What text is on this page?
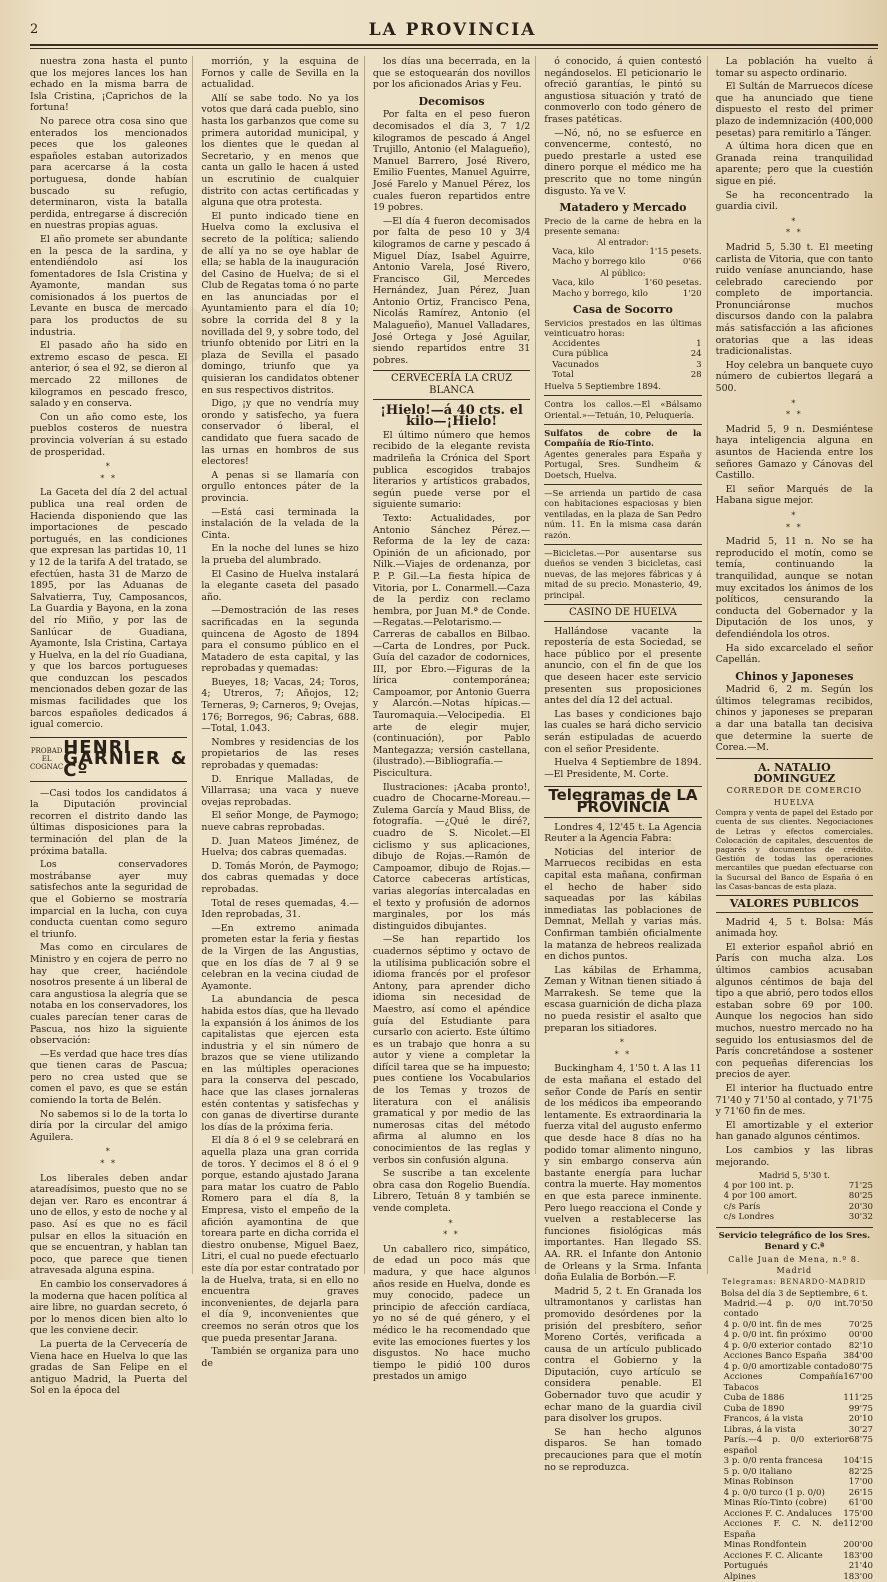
2	LA PROVINCIA

nuestra zona hasta el punto que los mejores lances los han echado en la misma barra de Isla Cristina, ¡Caprichos de la fortuna!

No parece otra cosa sino que enterados los mencionados peces que los galeones españoles estaban autorizados para acercarse á la costa portuguesa, donde habían buscado su refugio, determinaron, vista la batalla perdida, entregarse á discreción en nuestras propias aguas.

El año promete ser abundante en la pesca de la sardina, y entendiéndolo así los fomentadores de Isla Cristina y Ayamonte, mandan sus comisionados á los puertos de Levante en busca de mercado para los productos de su industria.

El pasado año ha sido en extremo escaso de pesca. El anterior, ó sea el 92, se dieron al mercado 22 millones de kilogramos en pescado fresco, salado y en conserva.

Con un año como este, los pueblos costeros de nuestra provincia volverían á su estado de prosperidad.

*
* *

La Gaceta del día 2 del actual publica una real orden de Hacienda disponiendo que las importaciones de pescado portugués, en las condiciones que expresan las partidas 10, 11 y 12 de la tarifa A del tratado, se efectúen, hasta 31 de Marzo de 1895, por las Aduanas de Salvatierra, Tuy, Camposancos, La Guardia y Bayona, en la zona del río Miño, y por las de Sanlúcar de Guadiana, Ayamonte, Isla Cristina, Cartaya y Huelva, en la del río Guadiana, y que los barcos portugueses que conduzcan los pescados mencionados deben gozar de las mismas facilidades que los barcos españoles dedicados á igual comercio.

PROBAD EL COGNAC
HENRI GARNIER & Cº

—Casi todos los candidatos á la Diputación provincial recorren el distrito dando las últimas disposiciones para la terminación del plan de la próxima batalla.

Los conservadores mostrábanse ayer muy satisfechos ante la seguridad de que el Gobierno se mostraría imparcial en la lucha, con cuya conducta cuentan como seguro el triunfo.

Mas como en circulares de Ministro y en cojera de perro no hay que creer, haciéndole nosotros presente á un liberal de cara angustiosa la alegría que se notaba en los conservadores, los cuales parecían tener caras de Pascua, nos hizo la siguiente observación:

—Es verdad que hace tres días que tienen caras de Pascua; pero no crea usted que se comen el pavo, es que se están comiendo la torta de Belén.

No sabemos si lo de la torta lo diría por la circular del amigo Aguilera.

*
* *

Los liberales deben andar atareadísimos, puesto que no se dejan ver. Raro es encontrar á uno de ellos, y esto de noche y al paso. Así es que no es fácil pulsar en ellos la situación en que se encuentran, y hablan tan poco, que parece que tienen atravesada alguna espina.

En cambio los conservadores á la moderna que hacen política al aire libre, no guardan secreto, ó por lo menos dicen bien alto lo que les conviene decir.

La puerta de la Cervecería de Viena hace en Huelva lo que las gradas de San Felipe en el antiguo Madrid, la Puerta del Sol en la época del

morrión, y la esquina de Fornos y calle de Sevilla en la actualidad.

Allí se sabe todo. No ya los votos que dará cada pueblo, sino hasta los garbanzos que come su primera autoridad municipal, y los dientes que le quedan al Secretario, y en menos que canta un gallo le hacen á usted un escrutinio de cualquier distrito con actas certificadas y alguna que otra protesta.

El punto indicado tiene en Huelva como la exclusiva el secreto de la política; saliendo de allí ya no se oye hablar de ella; se habla de la inauguración del Casino de Huelva; de si el Club de Regatas toma ó no parte en las anunciadas por el Ayuntamiento para el día 10; sobre la corrida del 8 y la novillada del 9, y sobre todo, del triunfo obtenido por Litri en la plaza de Sevilla el pasado domingo, triunfo que ya quisieran los candidatos obtener en sus respectivos distritos.

Digo, ¡y que no vendría muy orondo y satisfecho, ya fuera conservador ó liberal, el candidato que fuera sacado de las urnas en hombros de sus electores!

A penas si se llamaría con orgullo entonces páter de la provincia.

—Está casi terminada la instalación de la velada de la Cinta.

En la noche del lunes se hizo la prueba del alumbrado.

El Casino de Huelva instalará la elegante caseta del pasado año.

—Demostración de las reses sacrificadas en la segunda quincena de Agosto de 1894 para el consumo público en el Matadero de esta capital, y las reprobadas y quemadas:

Bueyes, 18; Vacas, 24; Toros, 4; Utreros, 7; Añojos, 12; Terneras, 9; Carneros, 9; Ovejas, 176; Borregos, 96; Cabras, 688.—Total, 1.043.

Nombres y residencias de los propietarios de las reses reprobadas y quemadas:

D. Enrique Malladas, de Villarrasa; una vaca y nueve ovejas reprobadas.

El señor Monge, de Paymogo; nueve cabras reprobadas.

D. Juan Mateos Jiménez, de Huelva; dos cabras quemadas.

D. Tomás Morón, de Paymogo; dos cabras quemadas y doce reprobadas.

Total de reses quemadas, 4.—Iden reprobadas, 31.

—En extremo animada prometen estar la feria y fiestas de la Virgen de las Angustias, que en los días de 7 al 9 se celebran en la vecina ciudad de Ayamonte.

La abundancia de pesca habida estos días, que ha llevado la expansión á los ánimos de los capitalistas que ejercen esta industria y el sin número de brazos que se viene utilizando en las múltiples operaciones para la conserva del pescado, hace que las clases jornaleras estén contentas y satisfechas y con ganas de divertirse durante los días de la próxima feria.

El día 8 ó el 9 se celebrará en aquella plaza una gran corrida de toros. Y decimos el 8 ó el 9 porque, estando ajustado Jarana para matar los cuatro de Pablo Romero para el día 8, la Empresa, visto el empeño de la afición ayamontina de que toreara parte en dicha corrida el diestro onubense, Miguel Baez, Litri, el cual no puede efectuarlo este día por estar contratado por la de Huelva, trata, si en ello no encuentra graves inconvenientes, de dejarla para el día 9, inconvenientes que creemos no serán otros que los que pueda presentar Jarana.

También se organiza para uno de

los días una becerrada, en la que se estoquearán dos novillos por los aficionados Arias y Feu.

Decomisos

Por falta en el peso fueron decomisados el día 3, 7 1/2 kilogramos de pescado á Angel Trujillo, Antonio (el Malagueño), Manuel Barrero, José Rivero, Emilio Fuentes, Manuel Aguirre, José Farelo y Manuel Pérez, los cuales fueron repartidos entre 19 pobres.

—El día 4 fueron decomisados por falta de peso 10 y 3/4 kilogramos de carne y pescado á Miguel Díaz, Isabel Aguirre, Antonio Varela, José Rivero, Francisco Gil, Mercedes Hernández, Juan Pérez, Juan Antonio Ortiz, Francisco Pena, Nicolás Ramírez, Antonio (el Malagueño), Manuel Valladares, José Ortega y José Aguilar, siendo repartidos entre 31 pobres.

CERVECERÍA LA CRUZ BLANCA
¡Hielo!—á 40 cts. el kilo—¡Hielo!

El último número que hemos recibido de la elegante revista madrileña la Crónica del Sport publica escogidos trabajos literarios y artísticos grabados, según puede verse por el siguiente sumario:

Texto: Actualidades, por Antonio Sánchez Pérez.—Reforma de la ley de caza: Opinión de un aficionado, por Nilk.—Viajes de ordenanza, por P. P. Gil.—La fiesta hípica de Vitoria, por L. Conarmell.—Caza de la perdiz con reclamo hembra, por Juan M.ª de Conde.—Regatas.—Pelotarismo.—Carreras de caballos en Bilbao.—Carta de Londres, por Puck. Guía del cazador de codornices, III, por Ebro.—Figuras de la lírica contemporánea; Campoamor, por Antonio Guerra y Alarcón.—Notas hípicas.—Tauromaquia.—Velocipedia. El arte de elegir mujer, (continuación), por Pablo Mantegazza; versión castellana, (ilustrado).—Bibliografía.—Piscicultura.

Ilustraciones: ¡Acaba pronto!, cuadro de Chocarne-Moreau.—Zulema García y Maud Bliss, de fotografía. —¿Qué le diré?, cuadro de S. Nicolet.—El ciclismo y sus aplicaciones, dibujo de Rojas.—Ramón de Campoamor, dibujo de Rojas.—Catorce cabeceras artísticas, varias alegorías intercaladas en el texto y profusión de adornos marginales, por los más distinguidos dibujantes.

—Se han repartido los cuadernos séptimo y octavo de la utilísima publicación sobre el idioma francés por el profesor Antony, para aprender dicho idioma sin necesidad de Maestro, así como el apéndice guía del Estudiante para cursarlo con acierto. Este último es un trabajo que honra a su autor y viene a completar la difícil tarea que se ha impuesto; pues contiene los Vocabularios de los Temas y trozos de literatura con el análisis gramatical y por medio de las numerosas citas del método afirma al alumno en los conocimientos de las reglas y verbos sin confusión alguna.

Se suscribe a tan excelente obra casa don Rogelio Buendía. Librero, Tetuán 8 y también se vende completa.

*
* *

Un caballero rico, simpático, de edad un poco más que madura, y que hace algunos años reside en Huelva, donde es muy conocido, padece un principio de afección cardíaca, yo no sé de qué género, y el médico le ha recomendado que evite las emociones fuertes y los disgustos. No hace mucho tiempo le pidió 100 duros prestados un amigo

ó conocido, á quien contestó negándoselos. El peticionario le ofreció garantías, le pintó su angustiosa situación y trató de conmoverlo con todo género de frases patéticas.

—Nó, nó, no se esfuerce en convencerme, contestó, no puedo prestarle a usted ese dinero porque el médico me ha prescrito que no tome ningún disgusto. Ya ve V.

Matadero y Mercado
Precio de la carne de hebra en la presente semana:
Al entrador:
Vaca, kilo	1'15 pesets.
Macho y borrego kilo	0'66
Al público:
Vaca, kilo	1'60 pesetas.
Macho y borrego, kilo	1'20
Casa de Socorro
Servicios prestados en las últimas veinticuatro horas:
Accidentes	1
Cura pública	24
Vacunados	3
Total	28
Huelva 5 Septiembre 1894.
Contra los callos.—El «Bálsamo Oriental.»—Tetuán, 10, Peluquería.
Sulfatos de cobre de la Compañía de Río-Tinto.
Agentes generales para España y Portugal, Sres. Sundheim & Doetsch, Huelva.
—Se arrienda un partido de casa con habitaciones espaciosas y bien ventiladas, en la plaza de San Pedro núm. 11. En la misma casa darán razón.
—Bicicletas.—Por ausentarse sus dueños se venden 3 bicicletas, casi nuevas, de las mejores fábricas y á mitad de su precio. Monasterio, 49, principal.
CASINO DE HUELVA

Hallándose vacante la repostería de esta Sociedad, se hace público por el presente anuncio, con el fin de que los que deseen hacer este servicio presenten sus proposiciones antes del día 12 del actual.

Las bases y condiciones bajo las cuales se hará dicho servicio serán estipuladas de acuerdo con el señor Presidente.

Huelva 4 Septiembre de 1894.—El Presidente, M. Corte.

Telegramas de LA PROVINCIA

Londres 4, 12'45 t. La Agencia Reuter a la Agencia Fabra:

Noticias del interior de Marruecos recibidas en esta capital esta mañana, confirman el hecho de haber sido saqueadas por las kábilas inmediatas las poblaciones de Demnat, Mellah y varias más. Confirman también oficialmente la matanza de hebreos realizada en dichos puntos.

Las kábilas de Erhamma, Zeman y Witnan tienen sitiado á Marrakesh. Se teme que la escasa guarnición de dicha plaza no pueda resistir el asalto que preparan los sitiadores.

*
* *

Buckingham 4, 1'50 t. A las 11 de esta mañana el estado del señor Conde de París en sentir de los médicos iba empeorando lentamente. Es extraordinaria la fuerza vital del augusto enfermo que desde hace 8 días no ha podido tomar alimento ninguno, y sin embargo conserva aún bastante energía para luchar contra la muerte. Hay momentos en que esta parece inminente. Pero luego reacciona el Conde y vuelven a restablecerse las funciones fisiológicas más importantes. Han llegado SS. AA. RR. el Infante don Antonio de Orleans y la Srma. Infanta doña Eulalia de Borbón.—F.

Madrid 5, 2 t. En Granada los ultramontanos y carlistas han promovido desórdenes por la prisión del presbítero, señor Moreno Cortés, verificada a causa de un artículo publicado contra el Gobierno y la Diputación, cuyo artículo se considera penable. El Gobernador tuvo que acudir y echar mano de la guardia civil para disolver los grupos.

Se han hecho algunos disparos. Se han tomado precauciones para que el motín no se reproduzca.

La población ha vuelto á tomar su aspecto ordinario.

El Sultán de Marruecos dícese que ha anunciado que tiene dispuesto el resto del primer plazo de indemnización (400,000 pesetas) para remitirlo a Tánger.

A última hora dicen que en Granada reina tranquilidad aparente; pero que la cuestión sigue en pié.

Se ha reconcentrado la guardia civil.

*
* *

Madrid 5, 5.30 t. El meeting carlista de Vitoria, que con tanto ruido veníase anunciando, hase celebrado careciendo por completo de importancia. Pronunciáronse muchos discursos dando con la palabra más satisfacción a las aficiones oratorias que a las ideas tradicionalistas.

Hoy celebra un banquete cuyo número de cubiertos llegará a 500.

*
* *

Madrid 5, 9 n. Desmiéntese haya inteligencia alguna en asuntos de Hacienda entre los señores Gamazo y Cánovas del Castillo.

El señor Marqués de la Habana sigue mejor.

*
* *

Madrid 5, 11 n. No se ha reproducido el motín, como se temía, continuando la tranquilidad, aunque se notan muy excitados los ánimos de los políticos, censurando la conducta del Gobernador y la Diputación de los unos, y defendiéndola los otros.

Ha sido excarcelado el señor Capellán.

Chinos y Japoneses

Madrid 6, 2 m. Según los últimos telegramas recibidos, chinos y japoneses se preparan a dar una batalla tan decisiva que determine la suerte de Corea.—M.

A. NATALIO DOMINGUEZ
CORREDOR DE COMERCIO
HUELVA
Compra y venta de papel del Estado por cuenta de sus clientes. Negociaciones de Letras y efectos comerciales. Colocación de capitales, descuentos de pagarés y documentos de crédito. Gestión de todas las operaciones mercantiles que puedan efectuarse con la Sucursal del Banco de España ó en las Casas-bancas de esta plaza.
VALORES PUBLICOS

Madrid 4, 5 t. Bolsa: Más animada hoy.

El exterior español abrió en París con mucha alza. Los últimos cambios acusaban algunos céntimos de baja del tipo a que abrió, pero todos ellos estaban sobre 69 por 100. Aunque los negocios han sido muchos, nuestro mercado no ha seguido los entusiasmos del de París concretándose a sostener con pequeñas diferencias los precios de ayer.

El interior ha fluctuado entre 71'40 y 71'50 al contado, y 71'75 y 71'60 fin de mes.

El amortizable y el exterior han ganado algunos céntimos.

Los cambios y las libras mejorando.

Madrid 5, 5'30 t.
4 por 100 int. p.	71'25
4 por 100 amort.	80'25
c/s París	20'30
c/s Londres	30'32
Servicio telegráfico de los Sres. Benard y C.ª
Calle Juan de Mena, n.º 8. Madrid
Telegramas: BENARDO-MADRID
Bolsa del día 3 de Septiembre, 6 t.
Madrid.—4 p. 0/0 int. contado
70'50
4 p. 0/0 int. fin de mes	70'25
4 p. 0/0 int. fin próximo	00'00
4 p. 0/0 exterior contado 82'10
Acciones Banco España 384'00
4 p. 0/0 amortizable contado 80'75
Acciones Compañía Tabacos
167'00
Cuba de 1886	111'25
Cuba de 1890	99'75
Francos, á la vista	20'10
Libras, á la vista	30'27
París.—4 p. 0/0 exterior español
68'75
3 p. 0/0 renta francesa 104'15
5 p. 0/0 italiano	82'25
Minas Robinson	17'00
4 p. 0/0 turco (1 p. 0/0)	26'15
Minas Río-Tinto (cobre)	61'00
Acciones F. C. Andaluces 175'00
Acciones F. C. N. de España
112'00
Minas Rondfontein	200'00
Acciones F. C. Alicante 183'00
Portugués	21'40
Alpines	183'00
